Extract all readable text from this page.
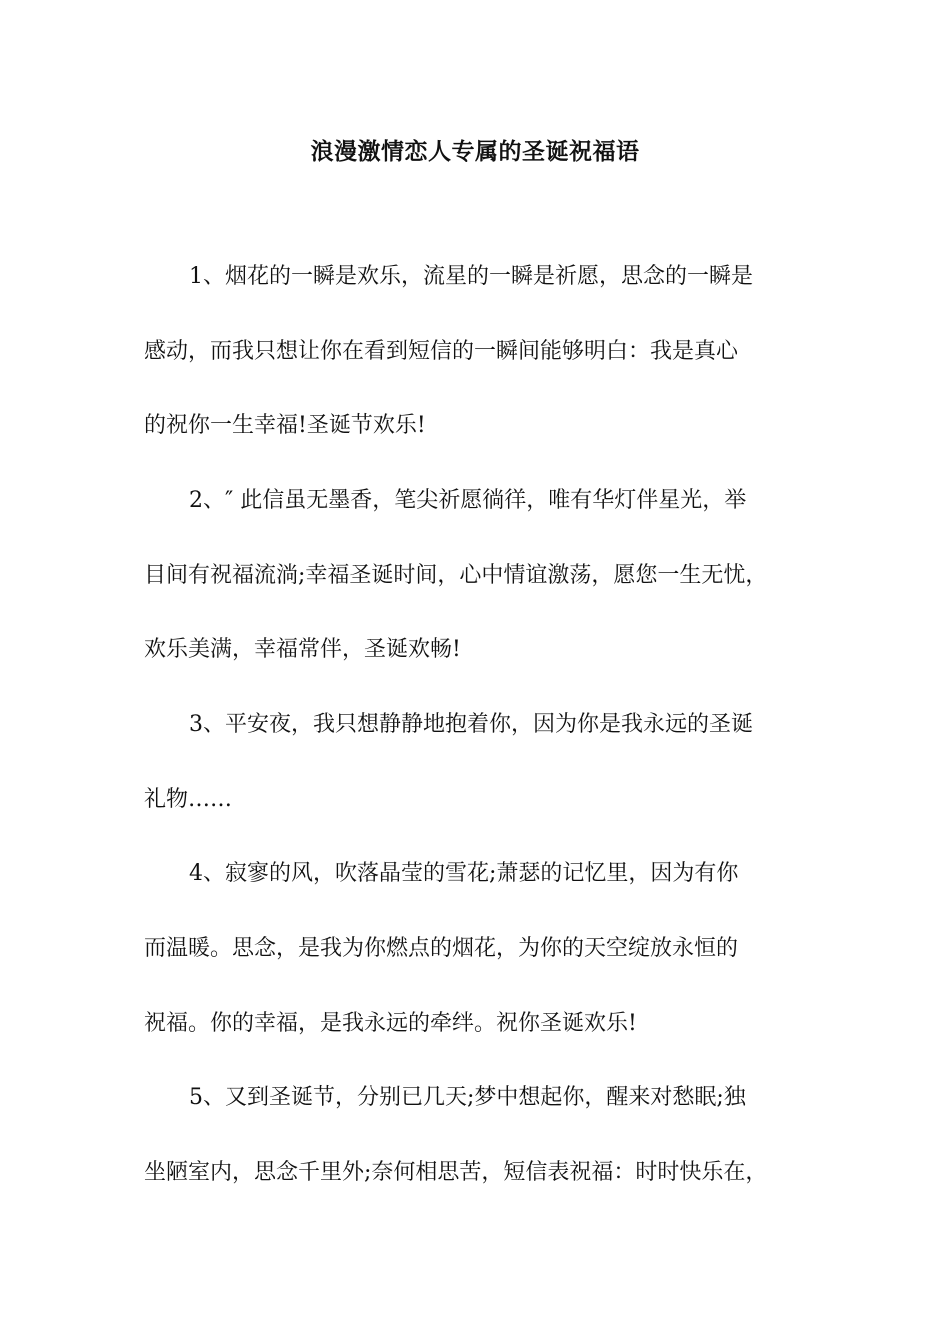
浪漫激情恋人专属的圣诞祝福语
1、烟花的一瞬是欢乐，流星的一瞬是祈愿，思念的一瞬是
感动，而我只想让你在看到短信的一瞬间能够明白：我是真心
的祝你一生幸福!圣诞节欢乐!
2、″ 此信虽无墨香，笔尖祈愿徜徉，唯有华灯伴星光，举
目间有祝福流淌;幸福圣诞时间，心中情谊激荡，愿您一生无忧，
欢乐美满，幸福常伴，圣诞欢畅!
3、平安夜，我只想静静地抱着你，因为你是我永远的圣诞
礼物……
4、寂寥的风，吹落晶莹的雪花;萧瑟的记忆里，因为有你
而温暖。思念，是我为你燃点的烟花，为你的天空绽放永恒的
祝福。你的幸福，是我永远的牵绊。祝你圣诞欢乐!
5、又到圣诞节，分别已几天;梦中想起你，醒来对愁眠;独
坐陋室内，思念千里外;奈何相思苦，短信表祝福：时时快乐在，
